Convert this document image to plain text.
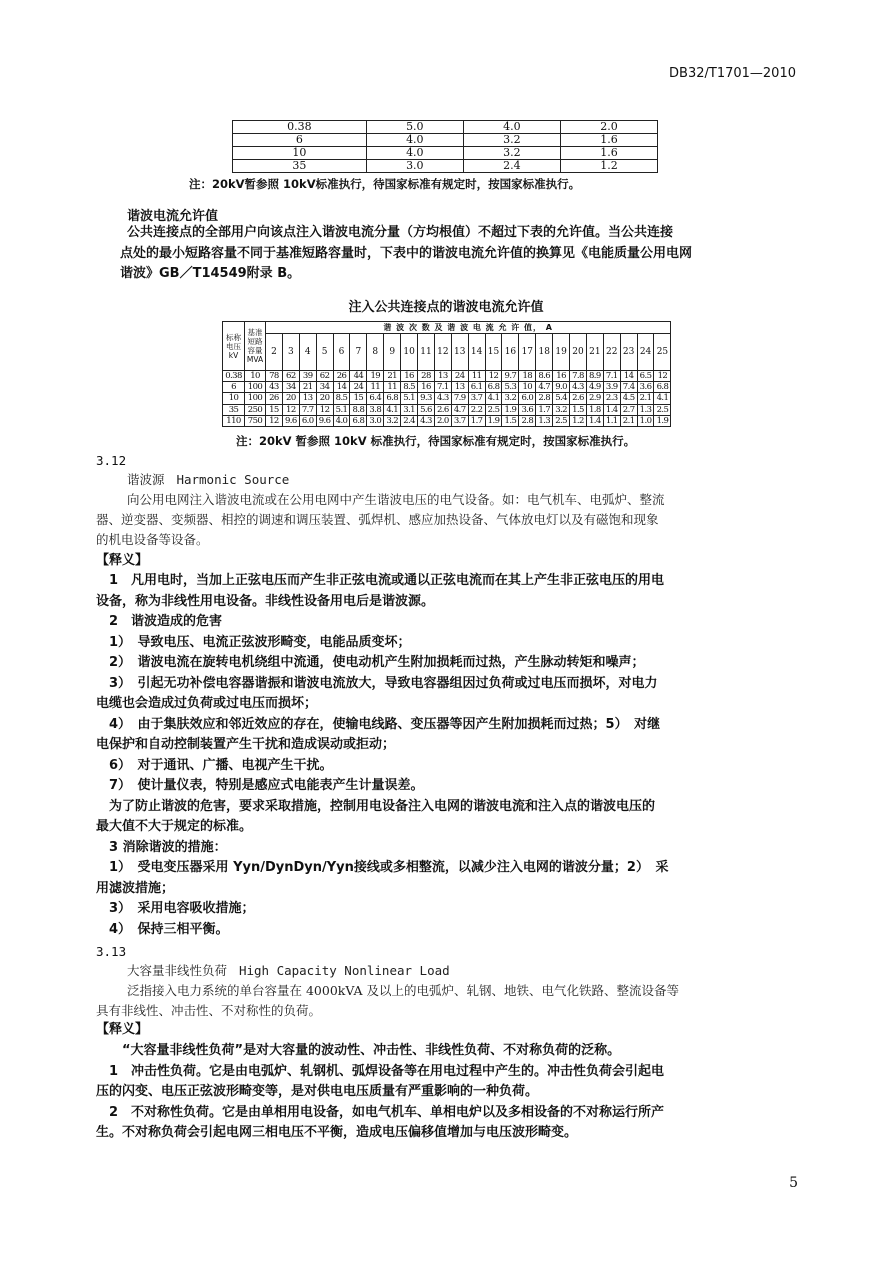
DB32/T1701—2010
0.38	5.0	4.0	2.0
6	4.0	3.2	1.6
10	4.0	3.2	1.6
35	3.0	2.4	1.2
注：20kV暂参照 10kV标准执行，待国家标准有规定时，按国家标准执行。
谐波电流允许值
公共连接点的全部用户向该点注入谐波电流分量（方均根值）不超过下表的允许值。当公共连接
点处的最小短路容量不同于基准短路容量时，下表中的谐波电流允许值的换算见《电能质量公用电网
谐波》GB／T14549附录 B。
注入公共连接点的谐波电流允许值
标称电压 kV	基准短路容量 MVA	谐 波 次 数 及 谐 波 电 流 允 许 值， A																							
		2	3	4	5	6	7	8	9	10	11	12	13	14	15	16	17	18	19	20	21	22	23	24	25
0.38	10	78	62	39	62	26	44	19	21	16	28	13	24	11	12	9.7	18	8.6	16	7.8	8.9	7.1	14	6.5	12
6	100	43	34	21	34	14	24	11	11	8.5	16	7.1	13	6.1	6.8	5.3	10	4.7	9.0	4.3	4.9	3.9	7.4	3.6	6.8
10	100	26	20	13	20	8.5	15	6.4	6.8	5.1	9.3	4.3	7.9	3.7	4.1	3.2	6.0	2.8	5.4	2.6	2.9	2.3	4.5	2.1	4.1
35	250	15	12	7.7	12	5.1	8.8	3.8	4.1	3.1	5.6	2.6	4.7	2.2	2.5	1.9	3.6	1.7	3.2	1.5	1.8	1.4	2.7	1.3	2.5
110	750	12	9.6	6.0	9.6	4.0	6.8	3.0	3.2	2.4	4.3	2.0	3.7	1.7	1.9	1.5	2.8	1.3	2.5	1.2	1.4	1.1	2.1	1.0	1.9
注：20kV 暂参照 10kV 标准执行，待国家标准有规定时，按国家标准执行。
3.12
谐波源 Harmonic Source
向公用电网注入谐波电流或在公用电网中产生谐波电压的电气设备。如：电气机车、电弧炉、整流
器、逆变器、变频器、相控的调速和调压装置、弧焊机、感应加热设备、气体放电灯以及有磁饱和现象
的机电设备等设备。
【释义】
　1　凡用电时，当加上正弦电压而产生非正弦电流或通以正弦电流而在其上产生非正弦电压的用电
设备，称为非线性用电设备。非线性设备用电后是谐波源。
　2　谐波造成的危害
　1）　导致电压、电流正弦波形畸变，电能品质变坏；
　2）　谐波电流在旋转电机绕组中流通，使电动机产生附加损耗而过热，产生脉动转矩和噪声；
　3）　引起无功补偿电容器谐振和谐波电流放大，导致电容器组因过负荷或过电压而损坏，对电力
电缆也会造成过负荷或过电压而损坏；
　4）　由于集肤效应和邻近效应的存在，使输电线路、变压器等因产生附加损耗而过热；5）　对继
电保护和自动控制装置产生干扰和造成误动或拒动；
　6）　对于通讯、广播、电视产生干扰。
　7）　使计量仪表，特别是感应式电能表产生计量误差。
　为了防止谐波的危害，要求采取措施，控制用电设备注入电网的谐波电流和注入点的谐波电压的
最大值不大于规定的标准。
　3 消除谐波的措施：
　1）　受电变压器采用 Yyn/DynDyn/Yyn接线或多相整流，以减少注入电网的谐波分量；2）　采
用滤波措施；
　3）　采用电容吸收措施；
　4）　保持三相平衡。
3.13
大容量非线性负荷 High Capacity Nonlinear Load
泛指接入电力系统的单台容量在 4000kVA 及以上的电弧炉、轧钢、地铁、电气化铁路、整流设备等
具有非线性、冲击性、不对称性的负荷。
【释义】
　　“大容量非线性负荷”是对大容量的波动性、冲击性、非线性负荷、不对称负荷的泛称。
　1　冲击性负荷。它是由电弧炉、轧钢机、弧焊设备等在用电过程中产生的。冲击性负荷会引起电
压的闪变、电压正弦波形畸变等，是对供电电压质量有严重影响的一种负荷。
　2　不对称性负荷。它是由单相用电设备，如电气机车、单相电炉以及多相设备的不对称运行所产
生。不对称负荷会引起电网三相电压不平衡，造成电压偏移值增加与电压波形畸变。
5
